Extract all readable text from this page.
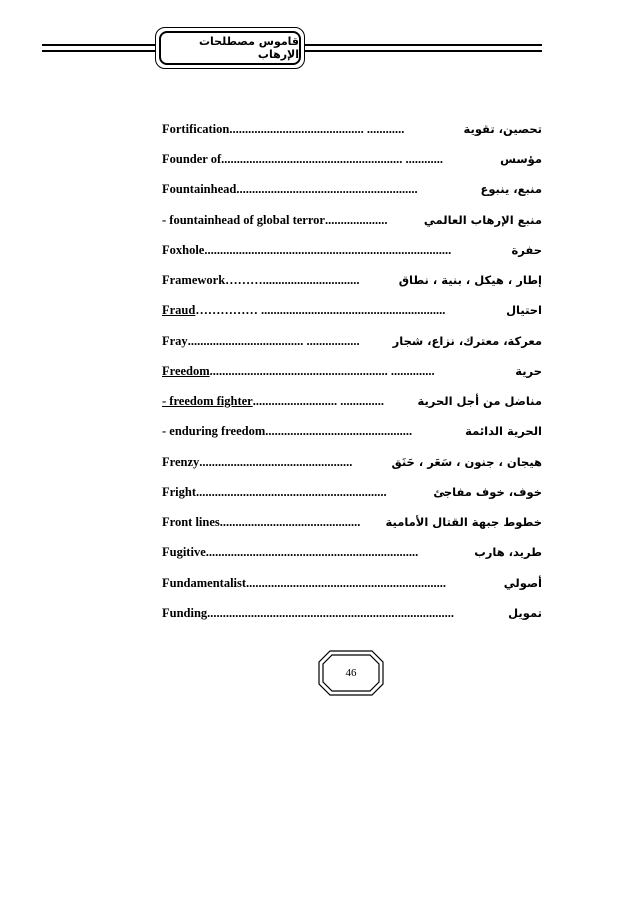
قاموس مصطلحات الإرهاب
Fortification ........................................... ............	تحصين، تقوية
Founder of .......................................................... ............	مؤسس
Fountainhead ..........................................................	منبع، ينبوع
- fountainhead of global terror ....................	منبع الإرهاب العالمي
Foxhole ...............................................................................	حفرة
Framework ………...............................	إطار ، هيكل ، بنية ، نطاق
Fraud …………… ...........................................................	احتيال
Fray ..................................... .................	معركة، معترك، نزاع، شجار
Freedom ......................................................... ..............	حرية
- freedom fighter ........................... ..............	مناضل من أجل الحرية
- enduring freedom ...............................................	الحرية الدائمة
Frenzy .................................................	هيجان ، جنون ، سَعَر ، حَنَق
Fright .............................................................	خوف، خوف مفاجئ
Front lines .............................................	خطوط جبهة القتال الأمامية
Fugitive ....................................................................	طريد، هارب
Fundamentalist ................................................................	أصولي
Funding ...............................................................................	تمويل
46
